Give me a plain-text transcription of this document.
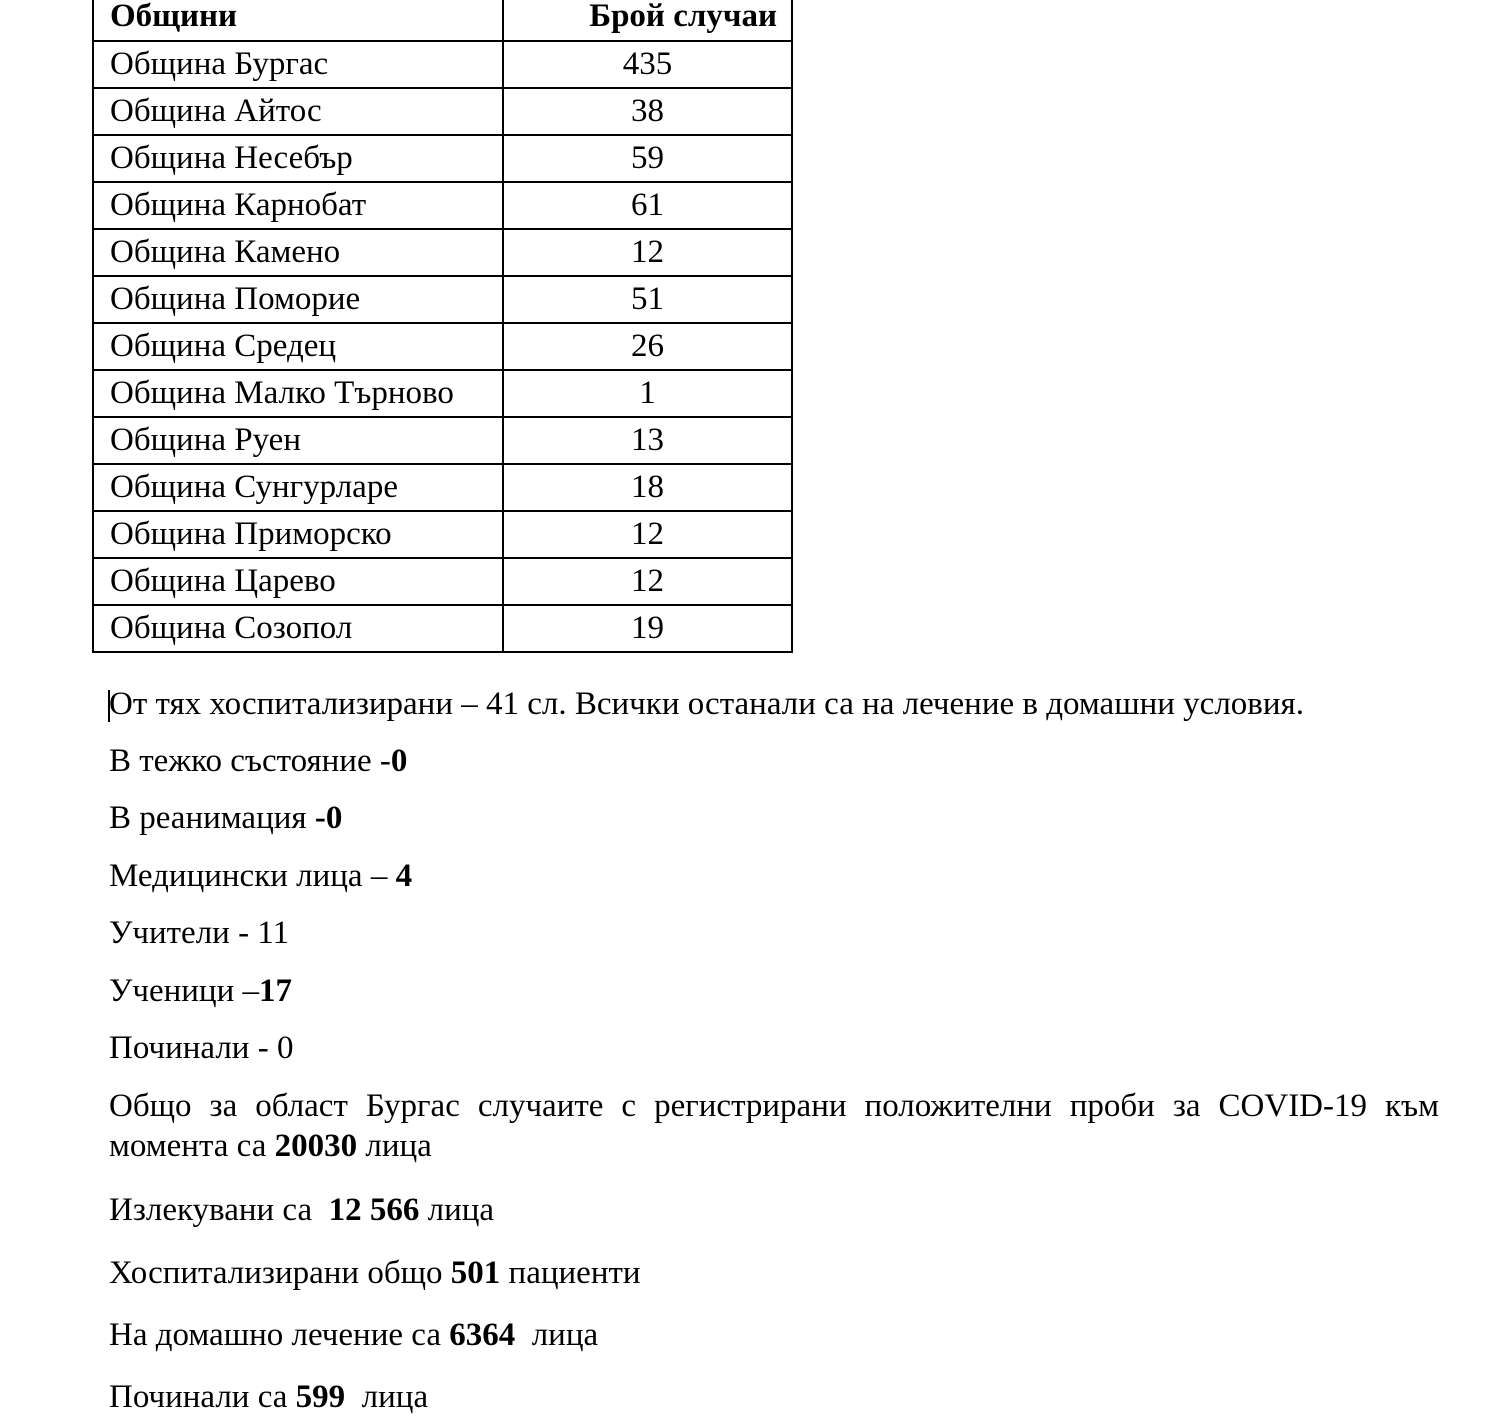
Общини	Брой случаи
Община Бургас	435
Община Айтос	38
Община Несебър	59
Община Карнобат	61
Община Камено	12
Община Поморие	51
Община Средец	26
Община Малко Търново	1
Община Руен	13
Община Сунгурларе	18
Община Приморско	12
Община Царево	12
Община Созопол	19

От тях хоспитализирани – 41 сл. Всички останали са на лечение в домашни условия.

В тежко състояние -0

В реанимация -0

Медицински лица – 4

Учители - 11

Ученици –17

Починали - 0

Общо за област Бургас случаите с регистрирани положителни проби за COVID-19 към момента са 20030 лица

Излекувани са  12 566 лица

Хоспитализирани общо 501 пациенти

На домашно лечение са 6364  лица

Починали са 599  лица
